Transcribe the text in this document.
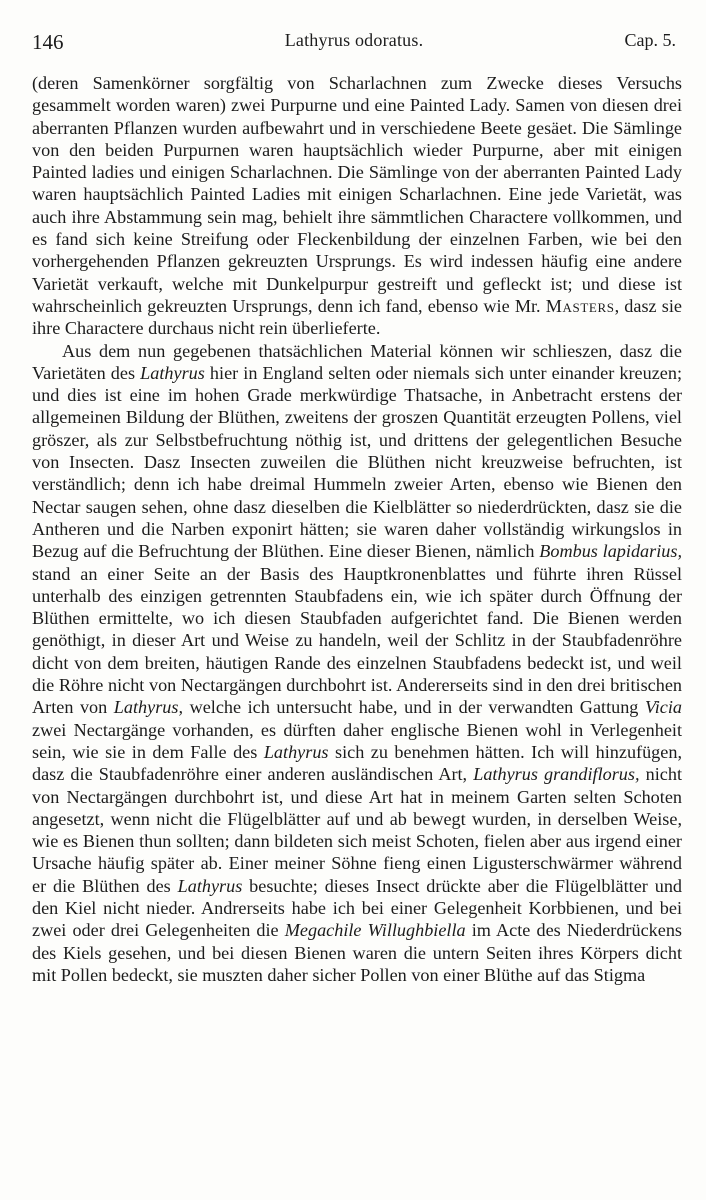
146	Lathyrus odoratus.	Cap. 5.

(deren Samenkörner sorgfältig von Scharlachnen zum Zwecke dieses Versuchs gesammelt worden waren) zwei Purpurne und eine Painted Lady. Samen von diesen drei aberranten Pflanzen wurden aufbewahrt und in verschiedene Beete gesäet. Die Sämlinge von den beiden Purpurnen waren hauptsächlich wieder Purpurne, aber mit einigen Painted ladies und einigen Scharlachnen. Die Sämlinge von der aberranten Painted Lady waren hauptsächlich Painted Ladies mit einigen Scharlachnen. Eine jede Varietät, was auch ihre Abstammung sein mag, behielt ihre sämmtlichen Charactere vollkommen, und es fand sich keine Streifung oder Fleckenbildung der einzelnen Farben, wie bei den vorhergehenden Pflanzen gekreuzten Ursprungs. Es wird indessen häufig eine andere Varietät verkauft, welche mit Dunkelpurpur gestreift und gefleckt ist; und diese ist wahrscheinlich gekreuzten Ursprungs, denn ich fand, ebenso wie Mr. Masters, dasz sie ihre Charactere durchaus nicht rein überlieferte.

Aus dem nun gegebenen thatsächlichen Material können wir schlieszen, dasz die Varietäten des Lathyrus hier in England selten oder niemals sich unter einander kreuzen; und dies ist eine im hohen Grade merkwürdige Thatsache, in Anbetracht erstens der allgemeinen Bildung der Blüthen, zweitens der groszen Quantität erzeugten Pollens, viel gröszer, als zur Selbstbefruchtung nöthig ist, und drittens der gelegentlichen Besuche von Insecten. Dasz Insecten zuweilen die Blüthen nicht kreuzweise befruchten, ist verständlich; denn ich habe dreimal Hummeln zweier Arten, ebenso wie Bienen den Nectar saugen sehen, ohne dasz dieselben die Kielblätter so niederdrückten, dasz sie die Antheren und die Narben exponirt hätten; sie waren daher vollständig wirkungslos in Bezug auf die Befruchtung der Blüthen. Eine dieser Bienen, nämlich Bombus lapidarius, stand an einer Seite an der Basis des Hauptkronenblattes und führte ihren Rüssel unterhalb des einzigen getrennten Staubfadens ein, wie ich später durch Öffnung der Blüthen ermittelte, wo ich diesen Staubfaden aufgerichtet fand. Die Bienen werden genöthigt, in dieser Art und Weise zu handeln, weil der Schlitz in der Staubfadenröhre dicht von dem breiten, häutigen Rande des einzelnen Staubfadens bedeckt ist, und weil die Röhre nicht von Nectargängen durchbohrt ist. Andererseits sind in den drei britischen Arten von Lathyrus, welche ich untersucht habe, und in der verwandten Gattung Vicia zwei Nectargänge vorhanden, es dürften daher englische Bienen wohl in Verlegenheit sein, wie sie in dem Falle des Lathyrus sich zu benehmen hätten. Ich will hinzufügen, dasz die Staubfadenröhre einer anderen ausländischen Art, Lathyrus grandiflorus, nicht von Nectargängen durchbohrt ist, und diese Art hat in meinem Garten selten Schoten angesetzt, wenn nicht die Flügelblätter auf und ab bewegt wurden, in derselben Weise, wie es Bienen thun sollten; dann bildeten sich meist Schoten, fielen aber aus irgend einer Ursache häufig später ab. Einer meiner Söhne fieng einen Ligusterschwärmer während er die Blüthen des Lathyrus besuchte; dieses Insect drückte aber die Flügelblätter und den Kiel nicht nieder. Andrerseits habe ich bei einer Gelegenheit Korbbienen, und bei zwei oder drei Gelegenheiten die Megachile Willughbiella im Acte des Niederdrückens des Kiels gesehen, und bei diesen Bienen waren die untern Seiten ihres Körpers dicht mit Pollen bedeckt, sie muszten daher sicher Pollen von einer Blüthe auf das Stigma
